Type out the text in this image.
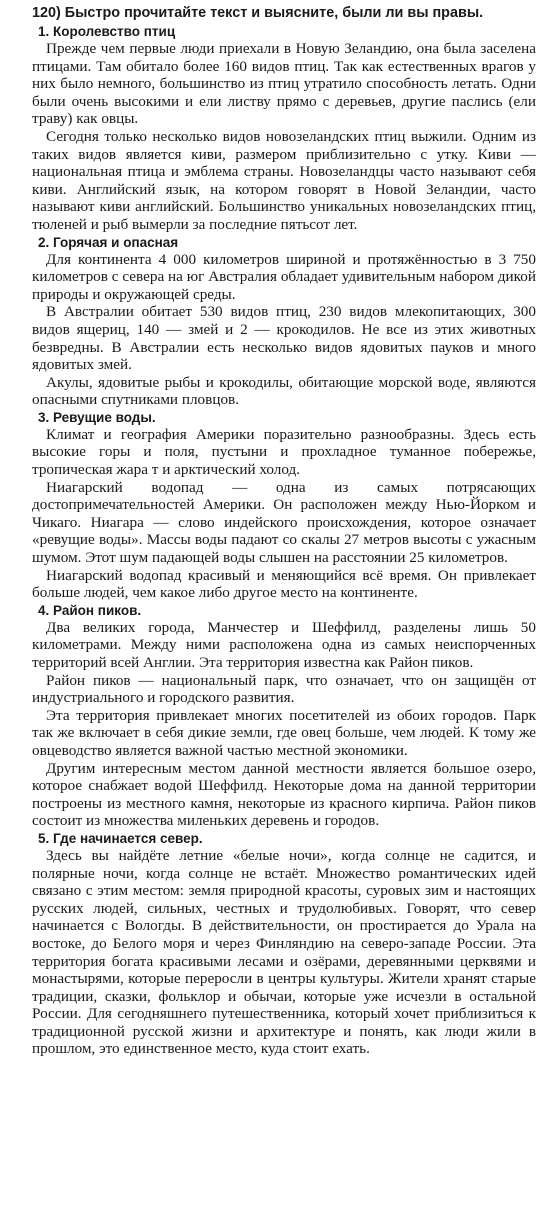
120) Быстро прочитайте текст и выясните, были ли вы правы.
1. Королевство птиц

Прежде чем первые люди приехали в Новую Зеландию, она была заселена птицами. Там обитало более 160 видов птиц. Так как естественных врагов у них было немного, большинство из птиц утратило способность летать. Одни были очень высокими и ели листву прямо с деревьев, другие паслись (ели траву) как овцы.

Сегодня только несколько видов новозеландских птиц выжили. Одним из таких видов является киви, размером приблизительно с утку. Киви — национальная птица и эмблема страны. Новозеландцы часто называют себя киви. Английский язык, на котором говорят в Новой Зеландии, часто называют киви английский. Большинство уникальных новозеландских птиц, тюленей и рыб вымерли за последние пятьсот лет.

2. Горячая и опасная

Для континента 4 000 километров шириной и протяжённостью в 3 750 километров с севера на юг Австралия обладает удивительным набором дикой природы и окружающей среды.

В Австралии обитает 530 видов птиц, 230 видов млекопитающих, 300 видов ящериц, 140 — змей и 2 — крокодилов. Не все из этих животных безвредны. В Австралии есть несколько видов ядовитых пауков и много ядовитых змей.

Акулы, ядовитые рыбы и крокодилы, обитающие морской воде, являются опасными спутниками пловцов.

3. Ревущие воды.

Климат и география Америки поразительно разнообразны. Здесь есть высокие горы и поля, пустыни и прохладное туманное побережье, тропическая жара т и арктический холод.

Ниагарский водопад — одна из самых потрясающих достопримечательностей Америки. Он расположен между Нью-Йорком и Чикаго. Ниагара — слово индейского происхождения, которое означает «ревущие воды». Массы воды падают со скалы 27 метров высоты с ужасным шумом. Этот шум падающей воды слышен на расстоянии 25 километров.

Ниагарский водопад красивый и меняющийся всё время. Он привлекает больше людей, чем какое либо другое место на континенте.

4. Район пиков.

Два великих города, Манчестер и Шеффилд, разделены лишь 50 километрами. Между ними расположена одна из самых неиспорченных территорий всей Англии. Эта территория известна как Район пиков.

Район пиков — национальный парк, что означает, что он защищён от индустриального и городского развития.

Эта территория привлекает многих посетителей из обоих городов. Парк так же включает в себя дикие земли, где овец больше, чем людей. К тому же овцеводство является важной частью местной экономики.

Другим интересным местом данной местности является большое озеро, которое снабжает водой Шеффилд. Некоторые дома на данной территории построены из местного камня, некоторые из красного кирпича. Район пиков состоит из множества миленьких деревень и городов.

5. Где начинается север.

Здесь вы найдёте летние «белые ночи», когда солнце не садится, и полярные ночи, когда солнце не встаёт. Множество романтических идей связано с этим местом: земля природной красоты, суровых зим и настоящих русских людей, сильных, честных и трудолюбивых. Говорят, что север начинается с Вологды. В действительности, он простирается до Урала на востоке, до Белого моря и через Финляндию на северо-западе России. Эта территория богата красивыми лесами и озёрами, деревянными церквями и монастырями, которые переросли в центры культуры. Жители хранят старые традиции, сказки, фольклор и обычаи, которые уже исчезли в остальной России. Для сегодняшнего путешественника, который хочет приблизиться к традиционной русской жизни и архитектуре и понять, как люди жили в прошлом, это единственное место, куда стоит ехать.
